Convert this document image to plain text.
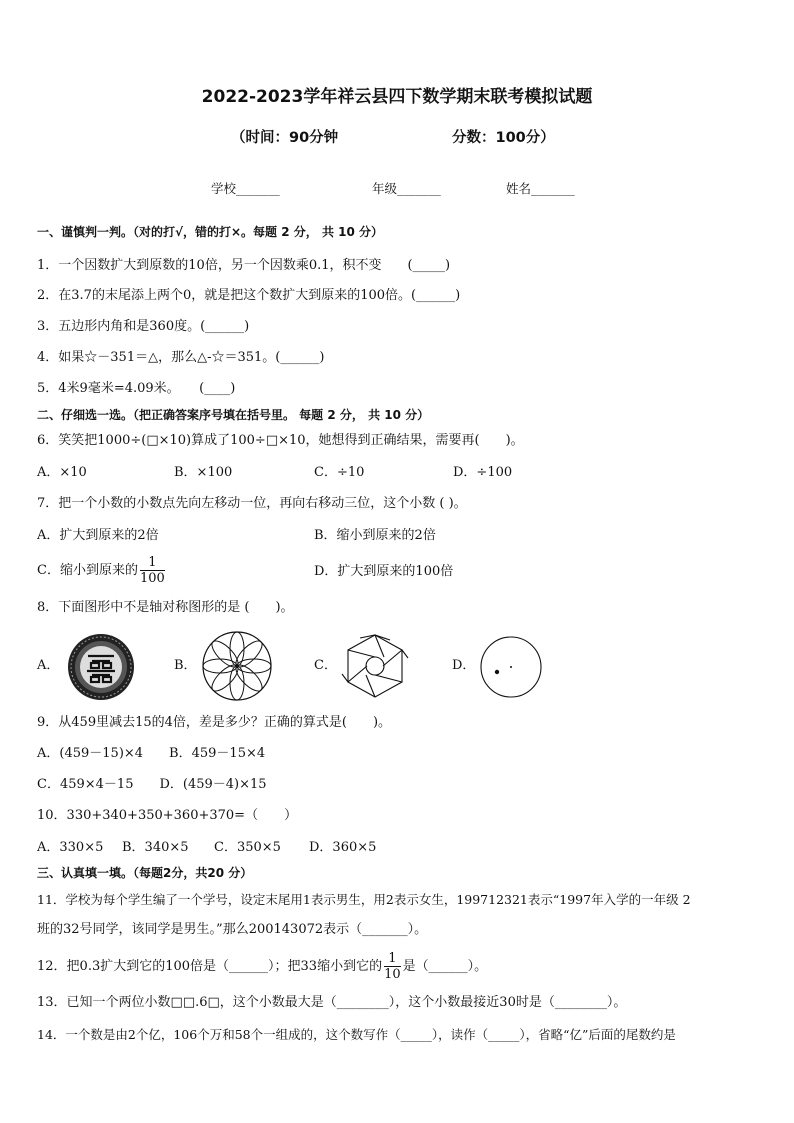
2022-2023学年祥云县四下数学期末联考模拟试题
（时间：90分钟	分数：100分）
学校_______	年级_______	姓名_______
一、谨慎判一判。（对的打√，错的打×。每题 2 分， 共 10 分）
1．一个因数扩大到原数的10倍，另一个因数乘0.1，积不变　　(_____)
2．在3.7的末尾添上两个0，就是把这个数扩大到原来的100倍。(______)
3．五边形内角和是360度。(______)
4．如果☆－351＝△，那么△-☆＝351。(______)
5．4米9毫米=4.09米。　　(____)
二、仔细选一选。（把正确答案序号填在括号里。 每题 2 分， 共 10 分）
6．笑笑把1000÷(□×10)算成了100÷□×10，她想得到正确结果，需要再(　　)。
A．×10	B．×100	C．÷10	D．÷100
7．把一个小数的小数点先向左移动一位，再向右移动三位，这个小数 ( )。
A．扩大到原来的2倍	B．缩小到原来的2倍
C．缩小到原来的 $\frac{1}{100}$	D．扩大到原来的100倍
8．下面图形中不是轴对称图形的是 (　　)。
A．	B．	C．	D．
9．从459里减去15的4倍，差是多少？正确的算式是(　　)。
A．(459－15)×4　　B．459－15×4
C．459×4－15　　D．(459－4)×15
10．330+340+350+360+370=（　　）
A．330×5 B．340×5 C．350×5 D．360×5
三、认真填一填。（每题2分，共20 分）
11．学校为每个学生编了一个学号，设定末尾用1表示男生，用2表示女生，199712321表示“1997年入学的一年级 2
班的32号同学，该同学是男生。”那么200143072表示（_______）。
12．把0.3扩大到它的100倍是（______）；把33缩小到它的 $\frac{1}{10}$ 是（______）。
13．已知一个两位小数□□.6□，这个小数最大是（________），这个小数最接近30时是（________）。
14．一个数是由2个亿，106个万和58个一组成的，这个数写作（_____），读作（_____），省略“亿”后面的尾数约是
